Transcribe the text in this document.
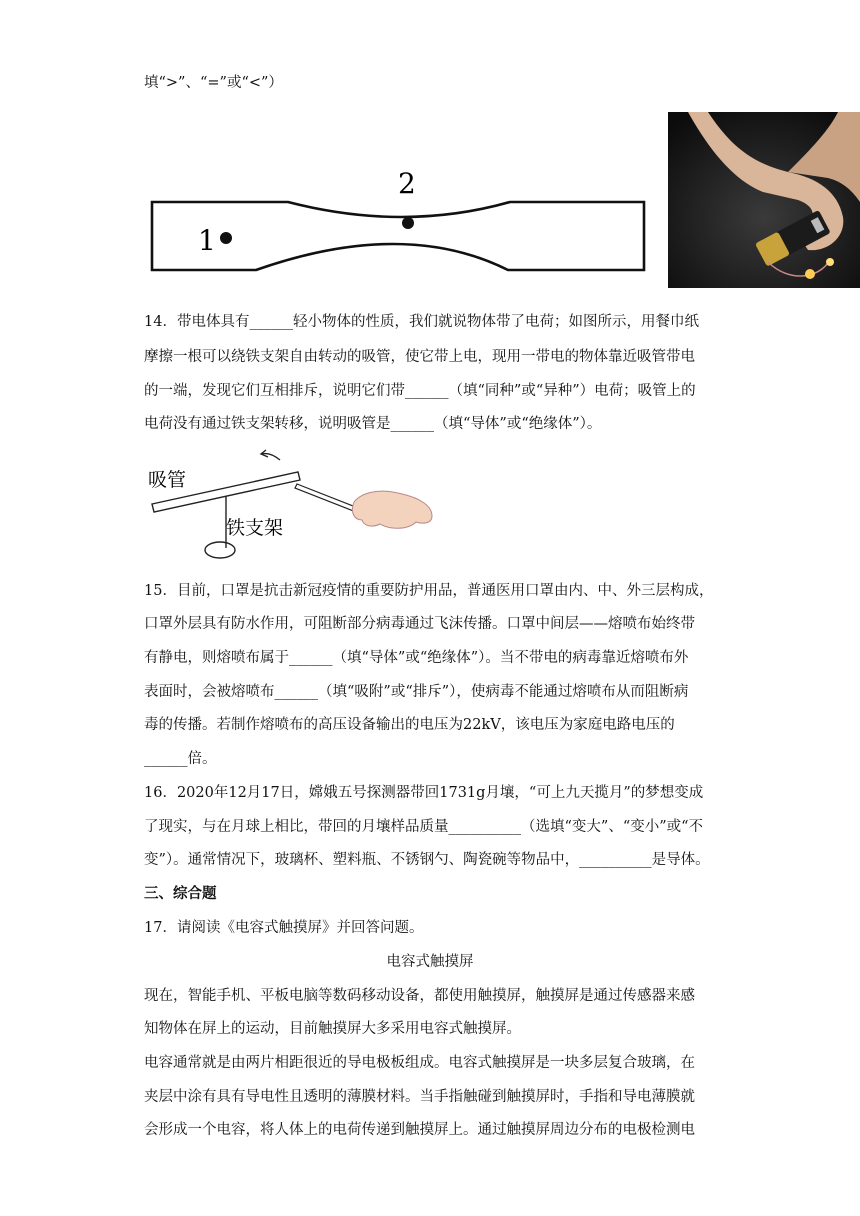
填“>”、“=”或“<”）
1
2
14．带电体具有______轻小物体的性质，我们就说物体带了电荷；如图所示，用餐巾纸
摩擦一根可以绕铁支架自由转动的吸管，使它带上电，现用一带电的物体靠近吸管带电
的一端，发现它们互相排斥，说明它们带______（填“同种”或“异种”）电荷；吸管上的
电荷没有通过铁支架转移，说明吸管是______（填“导体”或“绝缘体”）。
吸管
铁支架
15．目前，口罩是抗击新冠疫情的重要防护用品，普通医用口罩由内、中、外三层构成，
口罩外层具有防水作用，可阻断部分病毒通过飞沫传播。口罩中间层——熔喷布始终带
有静电，则熔喷布属于______（填“导体”或“绝缘体”）。当不带电的病毒靠近熔喷布外
表面时，会被熔喷布______（填“吸附”或“排斥”），使病毒不能通过熔喷布从而阻断病
毒的传播。若制作熔喷布的高压设备输出的电压为22kV，该电压为家庭电路电压的
______倍。
16．2020年12月17日，嫦娥五号探测器带回1731g月壤，“可上九天揽月”的梦想变成
了现实，与在月球上相比，带回的月壤样品质量__________（选填“变大”、“变小”或“不
变”）。通常情况下，玻璃杯、塑料瓶、不锈钢勺、陶瓷碗等物品中，__________是导体。
三、综合题
17．请阅读《电容式触摸屏》并回答问题。
电容式触摸屏
现在，智能手机、平板电脑等数码移动设备，都使用触摸屏，触摸屏是通过传感器来感
知物体在屏上的运动，目前触摸屏大多采用电容式触摸屏。
电容通常就是由两片相距很近的导电极板组成。电容式触摸屏是一块多层复合玻璃，在
夹层中涂有具有导电性且透明的薄膜材料。当手指触碰到触摸屏时，手指和导电薄膜就
会形成一个电容，将人体上的电荷传递到触摸屏上。通过触摸屏周边分布的电极检测电
